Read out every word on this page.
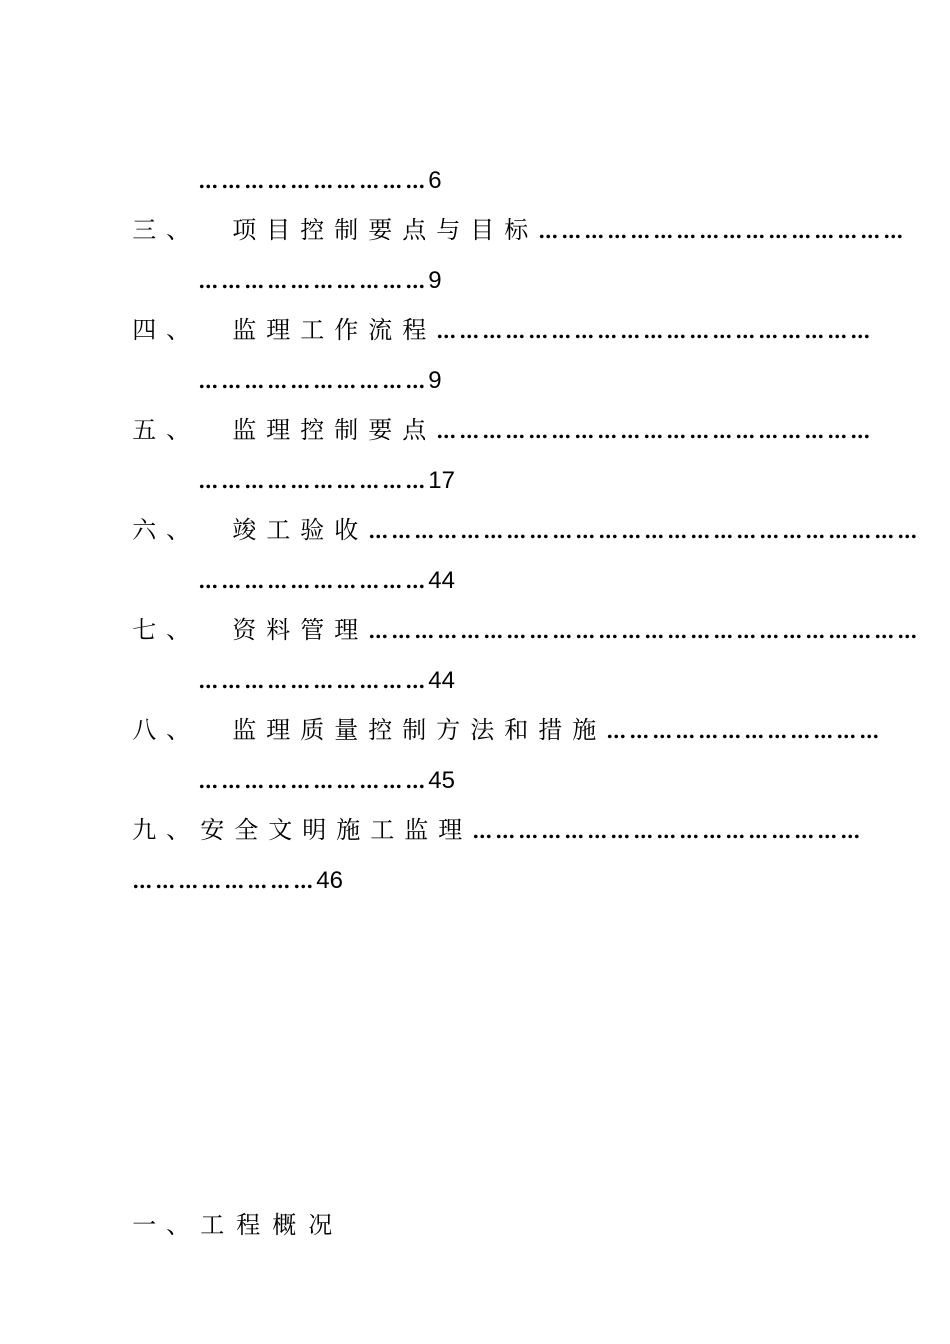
…………………………6

三、 项目控制要点与目标…………………………………………

…………………………9

四、 监理工作流程…………………………………………………

…………………………9

五、 监理控制要点…………………………………………………

…………………………17

六、 竣工验收………………………………………………………………

…………………………44

七、 资料管理………………………………………………………………

…………………………44

八、 监理质量控制方法和措施………………………………

…………………………45

九、安全文明施工监理……………………………………………

……………………46

一、工程概况
